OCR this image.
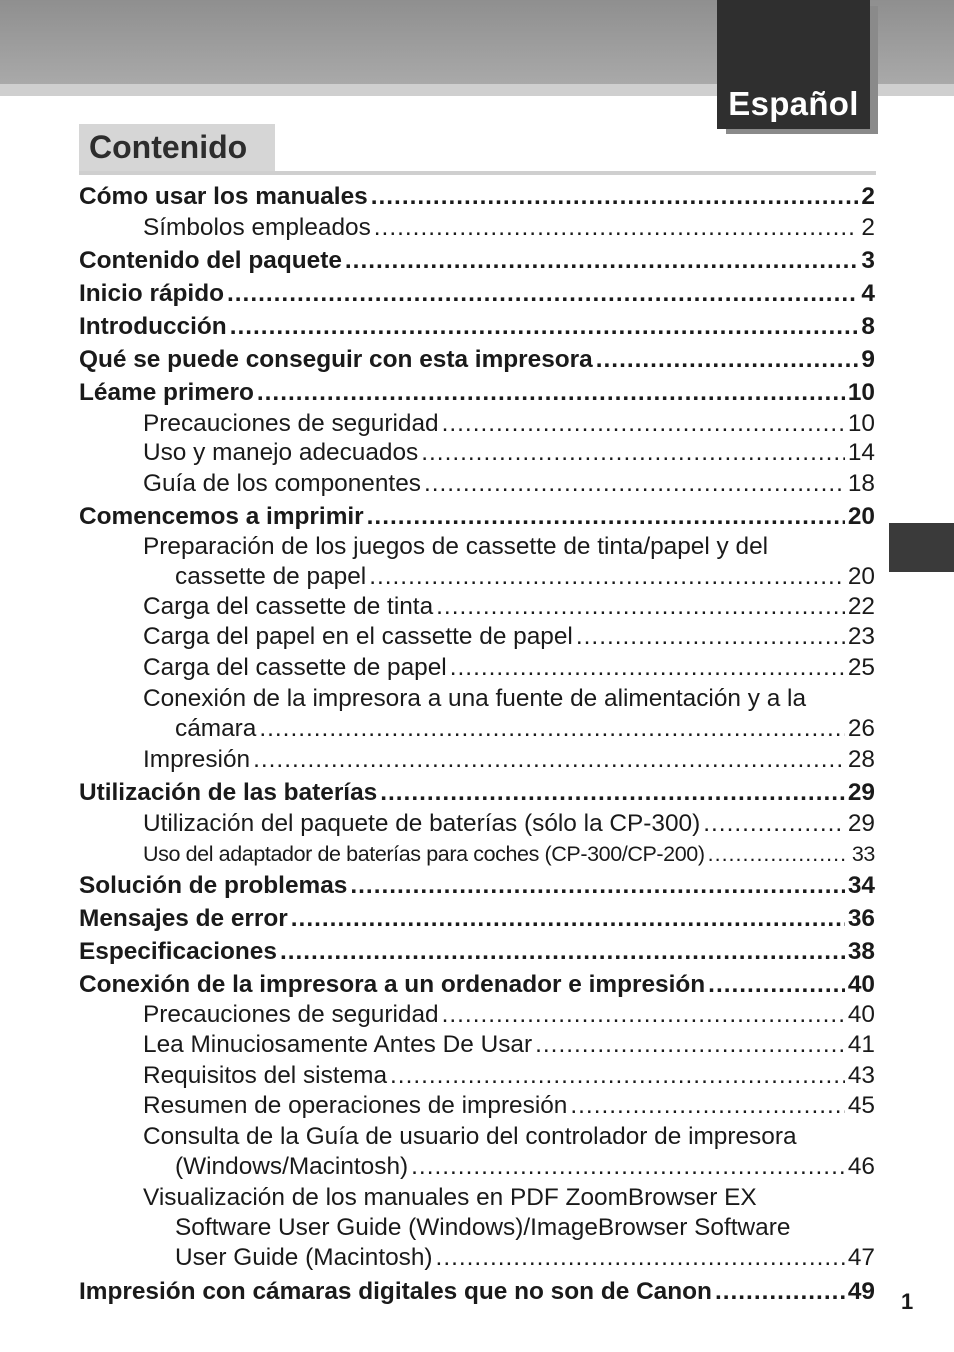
Español
Contenido
Cómo usar los manuales .....	2
Símbolos empleados .....	2
Contenido del paquete .....	3
Inicio rápido .....	4
Introducción .....	8
Qué se puede conseguir con esta impresora .....	9
Léame primero .....	10
Precauciones de seguridad .....	10
Uso y manejo adecuados .....	14
Guía de los componentes .....	18
Comencemos a imprimir .....	20
Preparación de los juegos de cassette de tinta/papel y del
cassette de papel .....	20
Carga del cassette de tinta .....	22
Carga del papel en el cassette de papel .....	23
Carga del cassette de papel .....	25
Conexión de la impresora a una fuente de alimentación y a la
cámara .....	26
Impresión .....	28
Utilización de las baterías .....	29
Utilización del paquete de baterías (sólo la CP-300) .....	29
Uso del adaptador de baterías para coches (CP-300/CP-200) .....	33
Solución de problemas .....	34
Mensajes de error .....	36
Especificaciones .....	38
Conexión de la impresora a un ordenador e impresión .....	40
Precauciones de seguridad .....	40
Lea Minuciosamente Antes De Usar .....	41
Requisitos del sistema .....	43
Resumen de operaciones de impresión .....	45
Consulta de la Guía de usuario del controlador de impresora
(Windows/Macintosh) .....	46
Visualización de los manuales en PDF ZoomBrowser EX
Software User Guide (Windows)/ImageBrowser Software
User Guide (Macintosh) .....	47
Impresión con cámaras digitales que no son de Canon .....	49 1
